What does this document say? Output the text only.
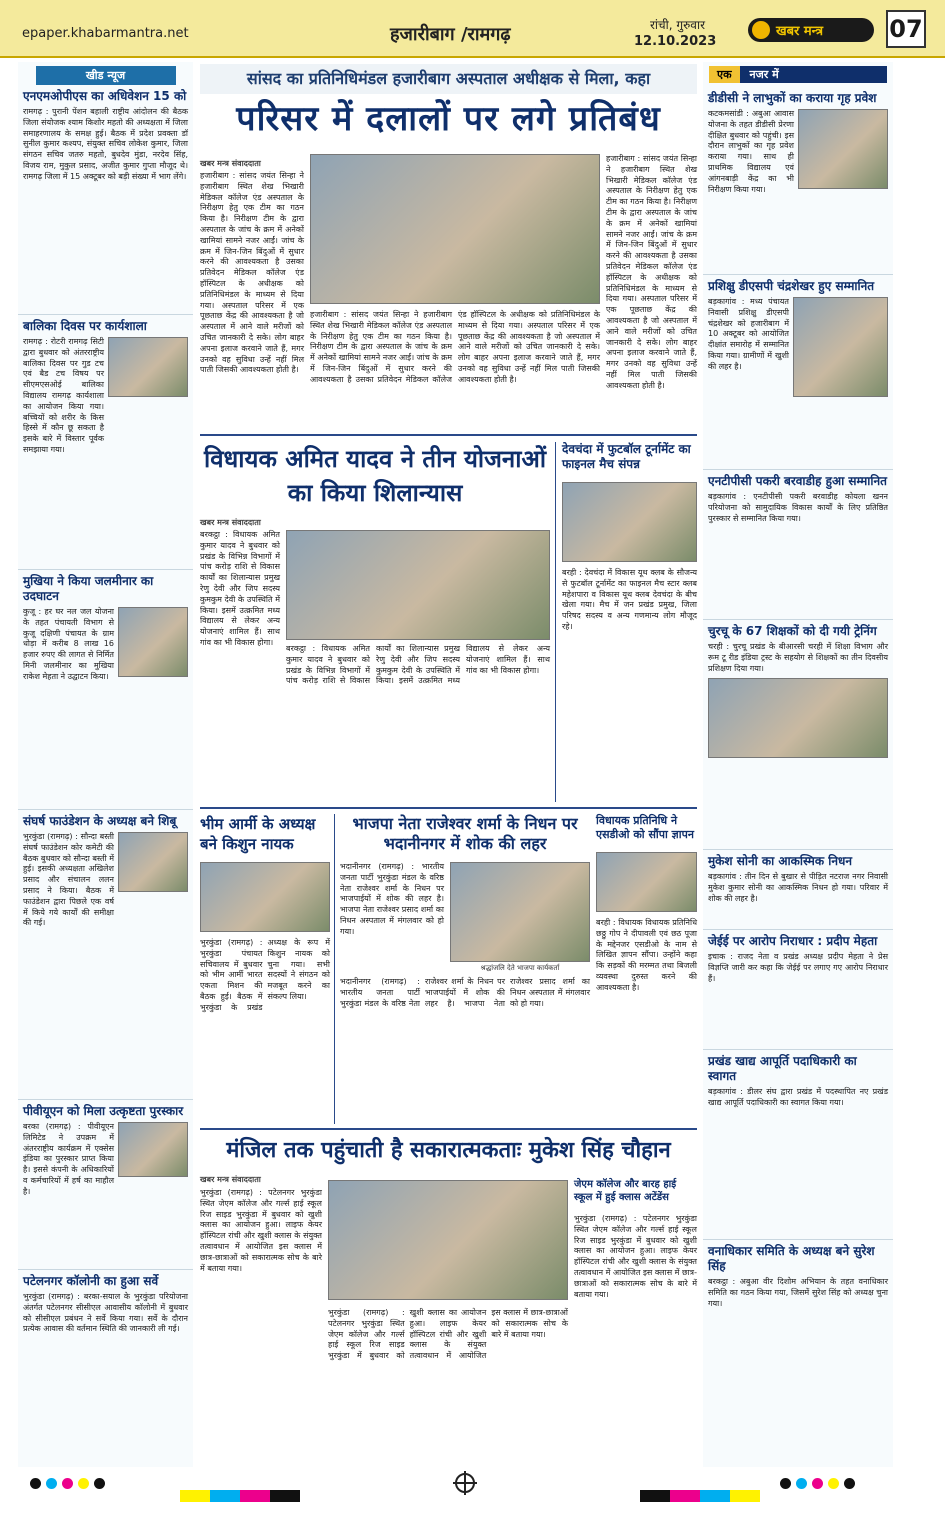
epaper.khabarmantra.net	हजारीबाग /रामगढ़	रांची, गुरुवार
12.10.2023
खबर मन्त्र	07
खीड न्यूज
एनएमओपीएस का अधिवेशन 15 को
रामगढ़ : पुरानी पेंशन बहाली राष्ट्रीय आंदोलन की बैठक जिला संयोजक श्याम किशोर महतो की अध्यक्षता में जिला समाहरणालय के समक्ष हुई। बैठक में प्रदेश प्रवक्ता डॉ सुनील कुमार कश्यप, संयुक्त सचिव लोकेश कुमार, जिला संगठन सचिव जतरु महतो, बुधदेव मुंडा, नरदेव सिंह, विजय राम, मुकुल प्रसाद, अजीत कुमार गुप्ता मौजूद थे। रामगढ़ जिला में 15 अक्टूबर को बड़ी संख्या में भाग लेंगे।
बालिका दिवस पर कार्यशाला
रामगढ़ : रोटरी रामगढ़ सिटी द्वारा बुधवार को अंतरराष्ट्रीय बालिका दिवस पर गुड टच एवं बैड टच विषय पर सीएमएसओई बालिका विद्यालय रामगढ़ कार्यशाला का आयोजन किया गया। बच्चियों को शरीर के किस हिस्से में कौन छू सकता है इसके बारे में विस्तार पूर्वक समझाया गया।
मुखिया ने किया जलमीनार का उदघाटन
कुजू : हर घर नल जल योजना के तहत पंचायती विभाग से कुजू दक्षिणी पंचायत के ग्राम धोड़ा में करीब 8 लाख 16 हजार रुपए की लागत से निर्मित मिनी जलमीनार का मुखिया राकेश मेहता ने उद्घाटन किया।
संघर्ष फाउंडेशन के अध्यक्ष बने शिबू
भुरकुंडा (रामगढ़) : सौन्दा बस्ती संघर्ष फाउंडेशन कोर कमेटी की बैठक बुधवार को सौन्दा बस्ती में हुई। इसकी अध्यक्षता अखिलेश प्रसाद और संचालन ललन प्रसाद ने किया। बैठक में फाउंडेशन द्वारा पिछले एक वर्ष में किये गये कार्यों की समीक्षा की गई।
पीवीयूएन को मिला उत्कृष्टता पुरस्कार
बरका (रामगढ़) : पीवीयूएन लिमिटेड ने उपक्रम में अंतरराष्ट्रीय कार्यक्रम में एक्सेस इंडिया का पुरस्कार प्राप्त किया है। इससे कंपनी के अधिकारियों व कर्मचारियों में हर्ष का माहौल है।
पटेलनगर कॉलोनी का हुआ सर्वे
भुरकुंडा (रामगढ़) : बरका-सयाल के भुरकुंडा परियोजना अंतर्गत पटेलनगर सीसीएल आवासीय कॉलोनी में बुधवार को सीसीएल प्रबंधन ने सर्वे किया गया। सर्वे के दौरान प्रत्येक आवास की वर्तमान स्थिति की जानकारी ली गई।
सांसद का प्रतिनिधिमंडल हजारीबाग अस्पताल अधीक्षक से मिला, कहा
परिसर में दलालों पर लगे प्रतिबंध
खबर मन्त्र संवाददाता
हजारीबाग : सांसद जयंत सिन्हा ने हजारीबाग स्थित शेख भिखारी मेडिकल कॉलेज एंड अस्पताल के निरीक्षण हेतु एक टीम का गठन किया है। निरीक्षण टीम के द्वारा अस्पताल के जांच के क्रम में अनेकों खामियां सामने नजर आईं। जांच के क्रम में जिन-जिन बिंदुओं में सुधार करने की आवश्यकता है उसका प्रतिवेदन मेडिकल कॉलेज एंड हॉस्पिटल के अधीक्षक को प्रतिनिधिमंडल के माध्यम से दिया गया। अस्पताल परिसर में एक पूछताछ केंद्र की आवश्यकता है जो अस्पताल में आने वाले मरीजों को उचित जानकारी दे सके। लोग बाहर अपना इलाज करवाने जाते हैं, मगर उनको वह सुविधा उन्हें नहीं मिल पाती जिसकी आवश्यकता होती है।
हजारीबाग : सांसद जयंत सिन्हा ने हजारीबाग स्थित शेख भिखारी मेडिकल कॉलेज एंड अस्पताल के निरीक्षण हेतु एक टीम का गठन किया है। निरीक्षण टीम के द्वारा अस्पताल के जांच के क्रम में अनेकों खामियां सामने नजर आईं। जांच के क्रम में जिन-जिन बिंदुओं में सुधार करने की आवश्यकता है उसका प्रतिवेदन मेडिकल कॉलेज एंड हॉस्पिटल के अधीक्षक को प्रतिनिधिमंडल के माध्यम से दिया गया। अस्पताल परिसर में एक पूछताछ केंद्र की आवश्यकता है जो अस्पताल में आने वाले मरीजों को उचित जानकारी दे सके। लोग बाहर अपना इलाज करवाने जाते हैं, मगर उनको वह सुविधा उन्हें नहीं मिल पाती जिसकी आवश्यकता होती है।
हजारीबाग : सांसद जयंत सिन्हा ने हजारीबाग स्थित शेख भिखारी मेडिकल कॉलेज एंड अस्पताल के निरीक्षण हेतु एक टीम का गठन किया है। निरीक्षण टीम के द्वारा अस्पताल के जांच के क्रम में अनेकों खामियां सामने नजर आईं। जांच के क्रम में जिन-जिन बिंदुओं में सुधार करने की आवश्यकता है उसका प्रतिवेदन मेडिकल कॉलेज एंड हॉस्पिटल के अधीक्षक को प्रतिनिधिमंडल के माध्यम से दिया गया। अस्पताल परिसर में एक पूछताछ केंद्र की आवश्यकता है जो अस्पताल में आने वाले मरीजों को उचित जानकारी दे सके। लोग बाहर अपना इलाज करवाने जाते हैं, मगर उनको वह सुविधा उन्हें नहीं मिल पाती जिसकी आवश्यकता होती है।
विधायक अमित यादव ने तीन योजनाओं का किया शिलान्यास
खबर मन्त्र संवाददाता
बरकट्ठा : विधायक अमित कुमार यादव ने बुधवार को प्रखंड के विभिन्न विभागों में पांच करोड़ राशि से विकास कार्यों का शिलान्यास प्रमुख रेणु देवी और जिप सदस्य कुमकुम देवी के उपस्थिति में किया। इसमें उत्क्रमित मध्य विद्यालय से लेकर अन्य योजनाएं शामिल हैं। साथ गांव का भी विकास होगा।
बरकट्ठा : विधायक अमित कुमार यादव ने बुधवार को प्रखंड के विभिन्न विभागों में पांच करोड़ राशि से विकास कार्यों का शिलान्यास प्रमुख रेणु देवी और जिप सदस्य कुमकुम देवी के उपस्थिति में किया। इसमें उत्क्रमित मध्य विद्यालय से लेकर अन्य योजनाएं शामिल हैं। साथ गांव का भी विकास होगा।
देवचंदा में फुटबॉल टूर्नामेंट का फाइनल मैच संपन्न
बरही : देवचंदा में विकास यूथ क्लब के सौजन्य से फुटबॉल टूर्नामेंट का फाइनल मैच स्टार क्लब महेशपारा व विकास यूथ क्लब देवचंदा के बीच खेला गया। मैच में जन प्रखंड प्रमुख, जिला परिषद सदस्य व अन्य गणमान्य लोग मौजूद रहे।
भीम आर्मी के अध्यक्ष बने किशुन नायक
भुरकुंडा (रामगढ़) : भुरकुंडा पंचायत सचिवालय में बुधवार को भीम आर्मी भारत एकता मिशन की बैठक हुई। बैठक में भुरकुंडा के प्रखंड अध्यक्ष के रूप में किशुन नायक को चुना गया। सभी सदस्यों ने संगठन को मजबूत करने का संकल्प लिया।
भाजपा नेता राजेश्वर शर्मा के निधन पर भदानीनगर में शोक की लहर
श्रद्धांजलि देते भाजपा कार्यकर्ता
भदानीनगर (रामगढ़) : भारतीय जनता पार्टी भुरकुंडा मंडल के वरिष्ठ नेता राजेश्वर शर्मा के निधन पर भाजपाईयों में शोक की लहर है। भाजपा नेता राजेश्वर प्रसाद शर्मा का निधन अस्पताल में मंगलवार को हो गया।
भदानीनगर (रामगढ़) : भारतीय जनता पार्टी भुरकुंडा मंडल के वरिष्ठ नेता राजेश्वर शर्मा के निधन पर भाजपाईयों में शोक की लहर है। भाजपा नेता राजेश्वर प्रसाद शर्मा का निधन अस्पताल में मंगलवार को हो गया।
विधायक प्रतिनिधि ने एसडीओ को सौंपा ज्ञापन
बरही : विधायक विधायक प्रतिनिधि छठ्ठु गोप ने दीपावली एवं छठ पूजा के मद्देनजर एसडीओ के नाम से लिखित ज्ञापन सौंपा। उन्होंने कहा कि सड़कों की मरम्मत तथा बिजली व्यवस्था दुरुस्त करने की आवश्यकता है।
मंजिल तक पहुंचाती है सकारात्मकताः मुकेश सिंह चौहान
खबर मन्त्र संवाददाता
भुरकुंडा (रामगढ़) : पटेलनगर भुरकुंडा स्थित जेएम कॉलेज और गर्ल्स हाई स्कूल रिज साइड भुरकुंडा में बुधवार को खुशी क्लास का आयोजन हुआ। लाइफ केयर हॉस्पिटल रांची और खुशी क्लास के संयुक्त तत्वावधान में आयोजित इस क्लास में छात्र-छात्राओं को सकारात्मक सोच के बारे में बताया गया।
भुरकुंडा (रामगढ़) : पटेलनगर भुरकुंडा स्थित जेएम कॉलेज और गर्ल्स हाई स्कूल रिज साइड भुरकुंडा में बुधवार को खुशी क्लास का आयोजन हुआ। लाइफ केयर हॉस्पिटल रांची और खुशी क्लास के संयुक्त तत्वावधान में आयोजित इस क्लास में छात्र-छात्राओं को सकारात्मक सोच के बारे में बताया गया।
जेएम कॉलेज और बारह हाई स्कूल में हुई क्लास अटेंडेंस
भुरकुंडा (रामगढ़) : पटेलनगर भुरकुंडा स्थित जेएम कॉलेज और गर्ल्स हाई स्कूल रिज साइड भुरकुंडा में बुधवार को खुशी क्लास का आयोजन हुआ। लाइफ केयर हॉस्पिटल रांची और खुशी क्लास के संयुक्त तत्वावधान में आयोजित इस क्लास में छात्र-छात्राओं को सकारात्मक सोच के बारे में बताया गया।
एक	नजर में
डीडीसी ने लाभुकों का कराया गृह प्रवेश
कटकमसांडी : अबुआ आवास योजना के तहत डीडीसी प्रेरणा दीक्षित बुधवार को पहुंची। इस दौरान लाभुकों का गृह प्रवेश कराया गया। साथ ही प्राथमिक विद्यालय एवं आंगनबाड़ी केंद्र का भी निरीक्षण किया गया।
प्रशिक्षु डीएसपी चंद्रशेखर हुए सम्मानित
बड़कागांव : मध्य पंचायत निवासी प्रशिक्षु डीएसपी चंद्रशेखर को हजारीबाग में 10 अक्टूबर को आयोजित दीक्षांत समारोह में सम्मानित किया गया। ग्रामीणों में खुशी की लहर है।
एनटीपीसी पकरी बरवाडीह हुआ सम्मानित
बड़कागांव : एनटीपीसी पकरी बरवाडीह कोयला खनन परियोजना को सामुदायिक विकास कार्यों के लिए प्रतिष्ठित पुरस्कार से सम्मानित किया गया।
चुरचू के 67 शिक्षकों को दी गयी ट्रेनिंग
चरही : चुरचू प्रखंड के बीआरसी चरही में शिक्षा विभाग और रूम टू रीड इंडिया ट्रस्ट के सहयोग से शिक्षकों का तीन दिवसीय प्रशिक्षण दिया गया।
मुकेश सोनी का आकस्मिक निधन
बड़कागांव : तीन दिन से बुखार से पीड़ित नटराज नगर निवासी मुकेश कुमार सोनी का आकस्मिक निधन हो गया। परिवार में शोक की लहर है।
जेईई पर आरोप निराधार : प्रदीप मेहता
इचाक : राजद नेता व प्रखंड अध्यक्ष प्रदीप मेहता ने प्रेस विज्ञप्ति जारी कर कहा कि जेईई पर लगाए गए आरोप निराधार हैं।
प्रखंड खाद्य आपूर्ति पदाधिकारी का स्वागत
बड़कागांव : डीलर संघ द्वारा प्रखंड में पदस्थापित नए प्रखंड खाद्य आपूर्ति पदाधिकारी का स्वागत किया गया।
वनाधिकार समिति के अध्यक्ष बने सुरेश सिंह
बरकट्ठा : अबुआ वीर दिशोम अभियान के तहत वनाधिकार समिति का गठन किया गया, जिसमें सुरेश सिंह को अध्यक्ष चुना गया।
